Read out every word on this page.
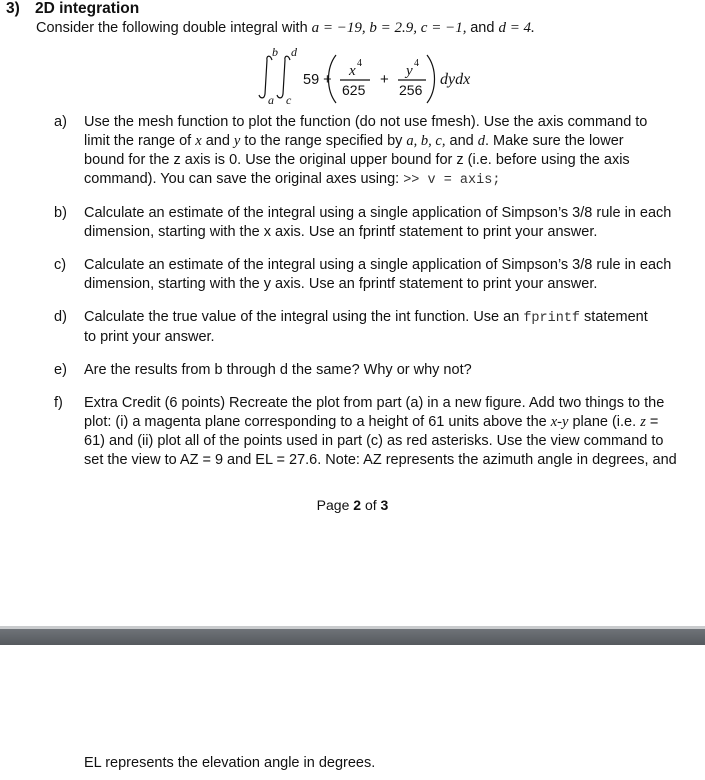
3) 2D integration
Consider the following double integral with a = −19, b = 2.9, c = −1, and d = 4.
b
a
d
c
x 4	y 4
dydx
59 +
625
+
256
a) Use the mesh function to plot the function (do not use fmesh). Use the axis command to
limit the range of x and y to the range specified by a, b, c, and d. Make sure the lower
bound for the z axis is 0. Use the original upper bound for z (i.e. before using the axis
command). You can save the original axes using: >> v = axis;
b) Calculate an estimate of the integral using a single application of Simpson’s 3/8 rule in each
dimension, starting with the x axis. Use an fprintf statement to print your answer.
c) Calculate an estimate of the integral using a single application of Simpson’s 3/8 rule in each
dimension, starting with the y axis. Use an fprintf statement to print your answer.
d) Calculate the true value of the integral using the int function. Use an fprintf statement
to print your answer.
e) Are the results from b through d the same? Why or why not?
f) Extra Credit (6 points) Recreate the plot from part (a) in a new figure. Add two things to the
plot: (i) a magenta plane corresponding to a height of 61 units above the x-y plane (i.e. z =
61) and (ii) plot all of the points used in part (c) as red asterisks. Use the view command to
set the view to AZ = 9 and EL = 27.6. Note: AZ represents the azimuth angle in degrees, and
Page 2 of 3
EL represents the elevation angle in degrees.
